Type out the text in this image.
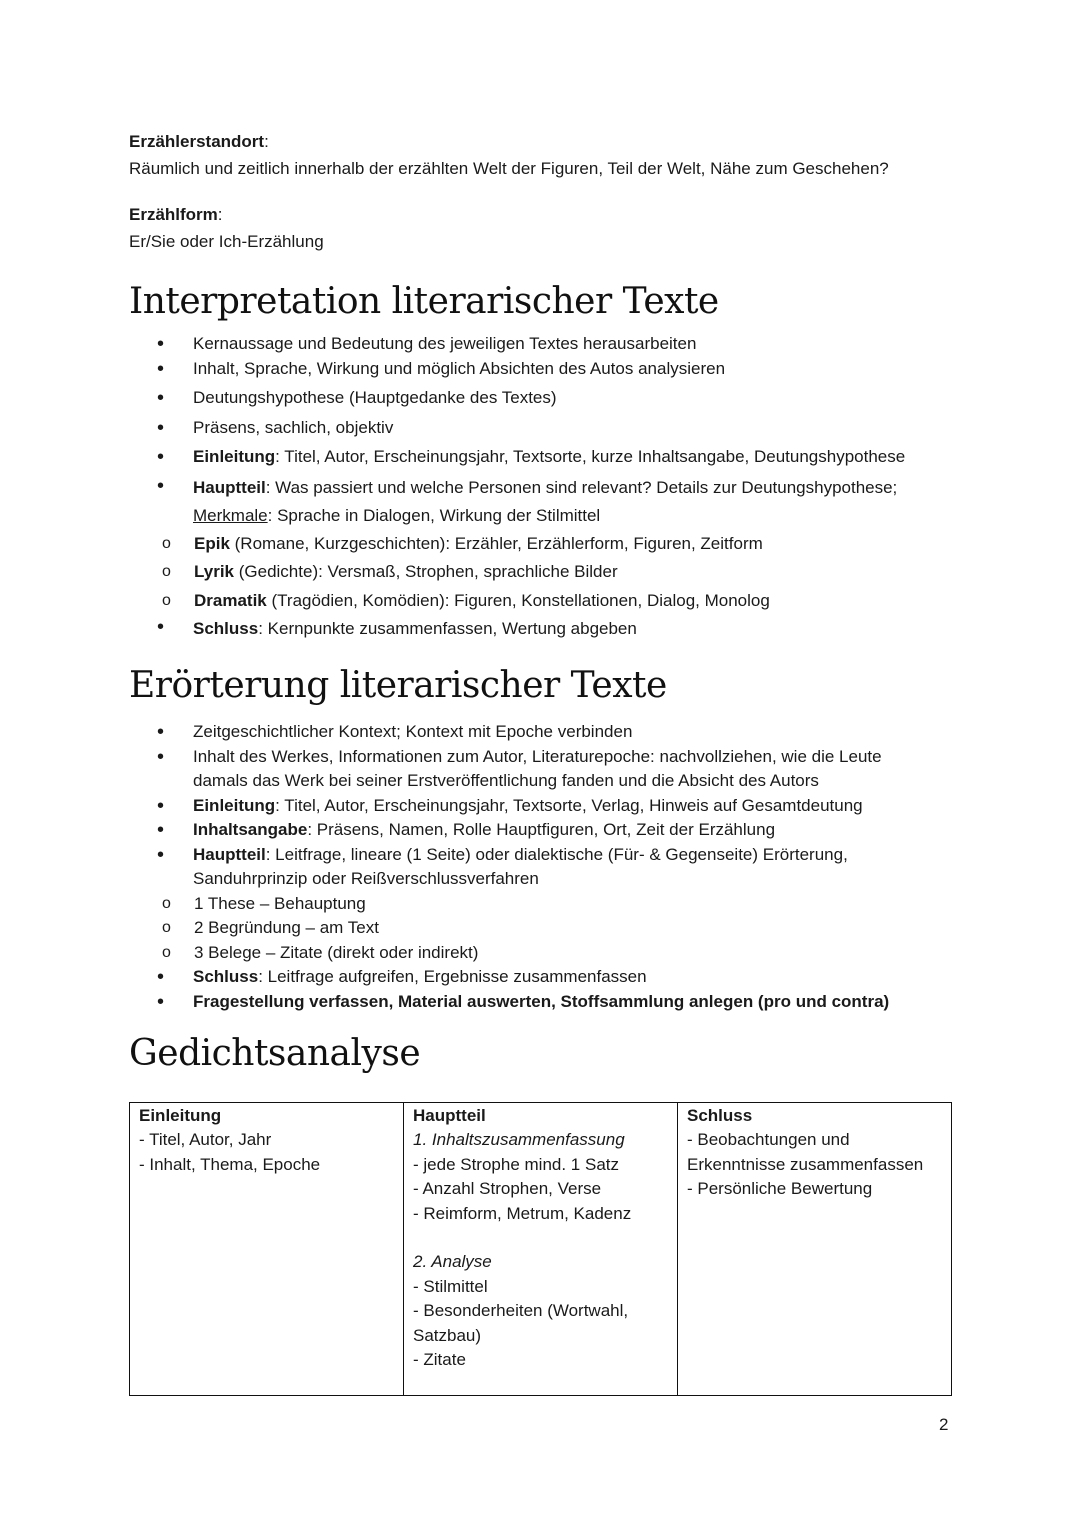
Erzählerstandort:
Räumlich und zeitlich innerhalb der erzählten Welt der Figuren, Teil der Welt, Nähe zum Geschehen?
Erzählform:
Er/Sie oder Ich-Erzählung
Interpretation literarischer Texte
• Kernaussage und Bedeutung des jeweiligen Textes herausarbeiten
• Inhalt, Sprache, Wirkung und möglich Absichten des Autos analysieren
• Deutungshypothese (Hauptgedanke des Textes)
• Präsens, sachlich, objektiv
• Einleitung: Titel, Autor, Erscheinungsjahr, Textsorte, kurze Inhaltsangabe, Deutungshypothese
• Hauptteil: Was passiert und welche Personen sind relevant? Details zur Deutungshypothese;
Merkmale: Sprache in Dialogen, Wirkung der Stilmittel
o Epik (Romane, Kurzgeschichten): Erzähler, Erzählerform, Figuren, Zeitform
o Lyrik (Gedichte): Versmaß, Strophen, sprachliche Bilder
o Dramatik (Tragödien, Komödien): Figuren, Konstellationen, Dialog, Monolog
• Schluss: Kernpunkte zusammenfassen, Wertung abgeben
Erörterung literarischer Texte
• Zeitgeschichtlicher Kontext; Kontext mit Epoche verbinden
• Inhalt des Werkes, Informationen zum Autor, Literaturepoche: nachvollziehen, wie die Leute damals das Werk bei seiner Erstveröffentlichung fanden und die Absicht des Autors
• Einleitung: Titel, Autor, Erscheinungsjahr, Textsorte, Verlag, Hinweis auf Gesamtdeutung
• Inhaltsangabe: Präsens, Namen, Rolle Hauptfiguren, Ort, Zeit der Erzählung
• Hauptteil: Leitfrage, lineare (1 Seite) oder dialektische (Für- & Gegenseite) Erörterung, Sanduhrprinzip oder Reißverschlussverfahren
o 1 These – Behauptung
o 2 Begründung – am Text
o 3 Belege – Zitate (direkt oder indirekt)
• Schluss: Leitfrage aufgreifen, Ergebnisse zusammenfassen
• Fragestellung verfassen, Material auswerten, Stoffsammlung anlegen (pro und contra)
Gedichtsanalyse
Einleitung
- Titel, Autor, Jahr
- Inhalt, Thema, Epoche

Hauptteil
1. Inhaltszusammenfassung
- jede Strophe mind. 1 Satz
- Anzahl Strophen, Verse
- Reimform, Metrum, Kadenz
2. Analyse
- Stilmittel
- Besonderheiten (Wortwahl, Satzbau)
- Zitate

Schluss
- Beobachtungen und Erkenntnisse zusammenfassen
- Persönliche Bewertung
2
